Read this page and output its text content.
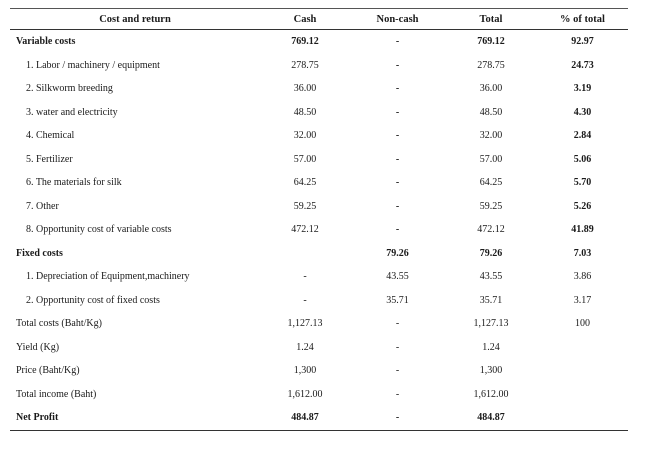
Cost and return	Cash	Non-cash	Total	% of total
Variable costs	769.12	-	769.12	92.97
1. Labor / machinery / equipment	278.75	-	278.75	24.73
2. Silkworm breeding	36.00	-	36.00	3.19
3. water and electricity	48.50	-	48.50	4.30
4. Chemical	32.00	-	32.00	2.84
5. Fertilizer	57.00	-	57.00	5.06
6. The materials for silk	64.25	-	64.25	5.70
7. Other	59.25	-	59.25	5.26
8. Opportunity cost of variable costs	472.12	-	472.12	41.89
Fixed costs		79.26	79.26	7.03
1. Depreciation of Equipment,machinery	-	43.55	43.55	3.86
2. Opportunity cost of fixed costs	-	35.71	35.71	3.17
Total costs (Baht/Kg)	1,127.13	-	1,127.13	100
Yield (Kg)	1.24	-	1.24	
Price (Baht/Kg)	1,300	-	1,300	
Total income (Baht)	1,612.00	-	1,612.00	
Net Profit	484.87	-	484.87	
